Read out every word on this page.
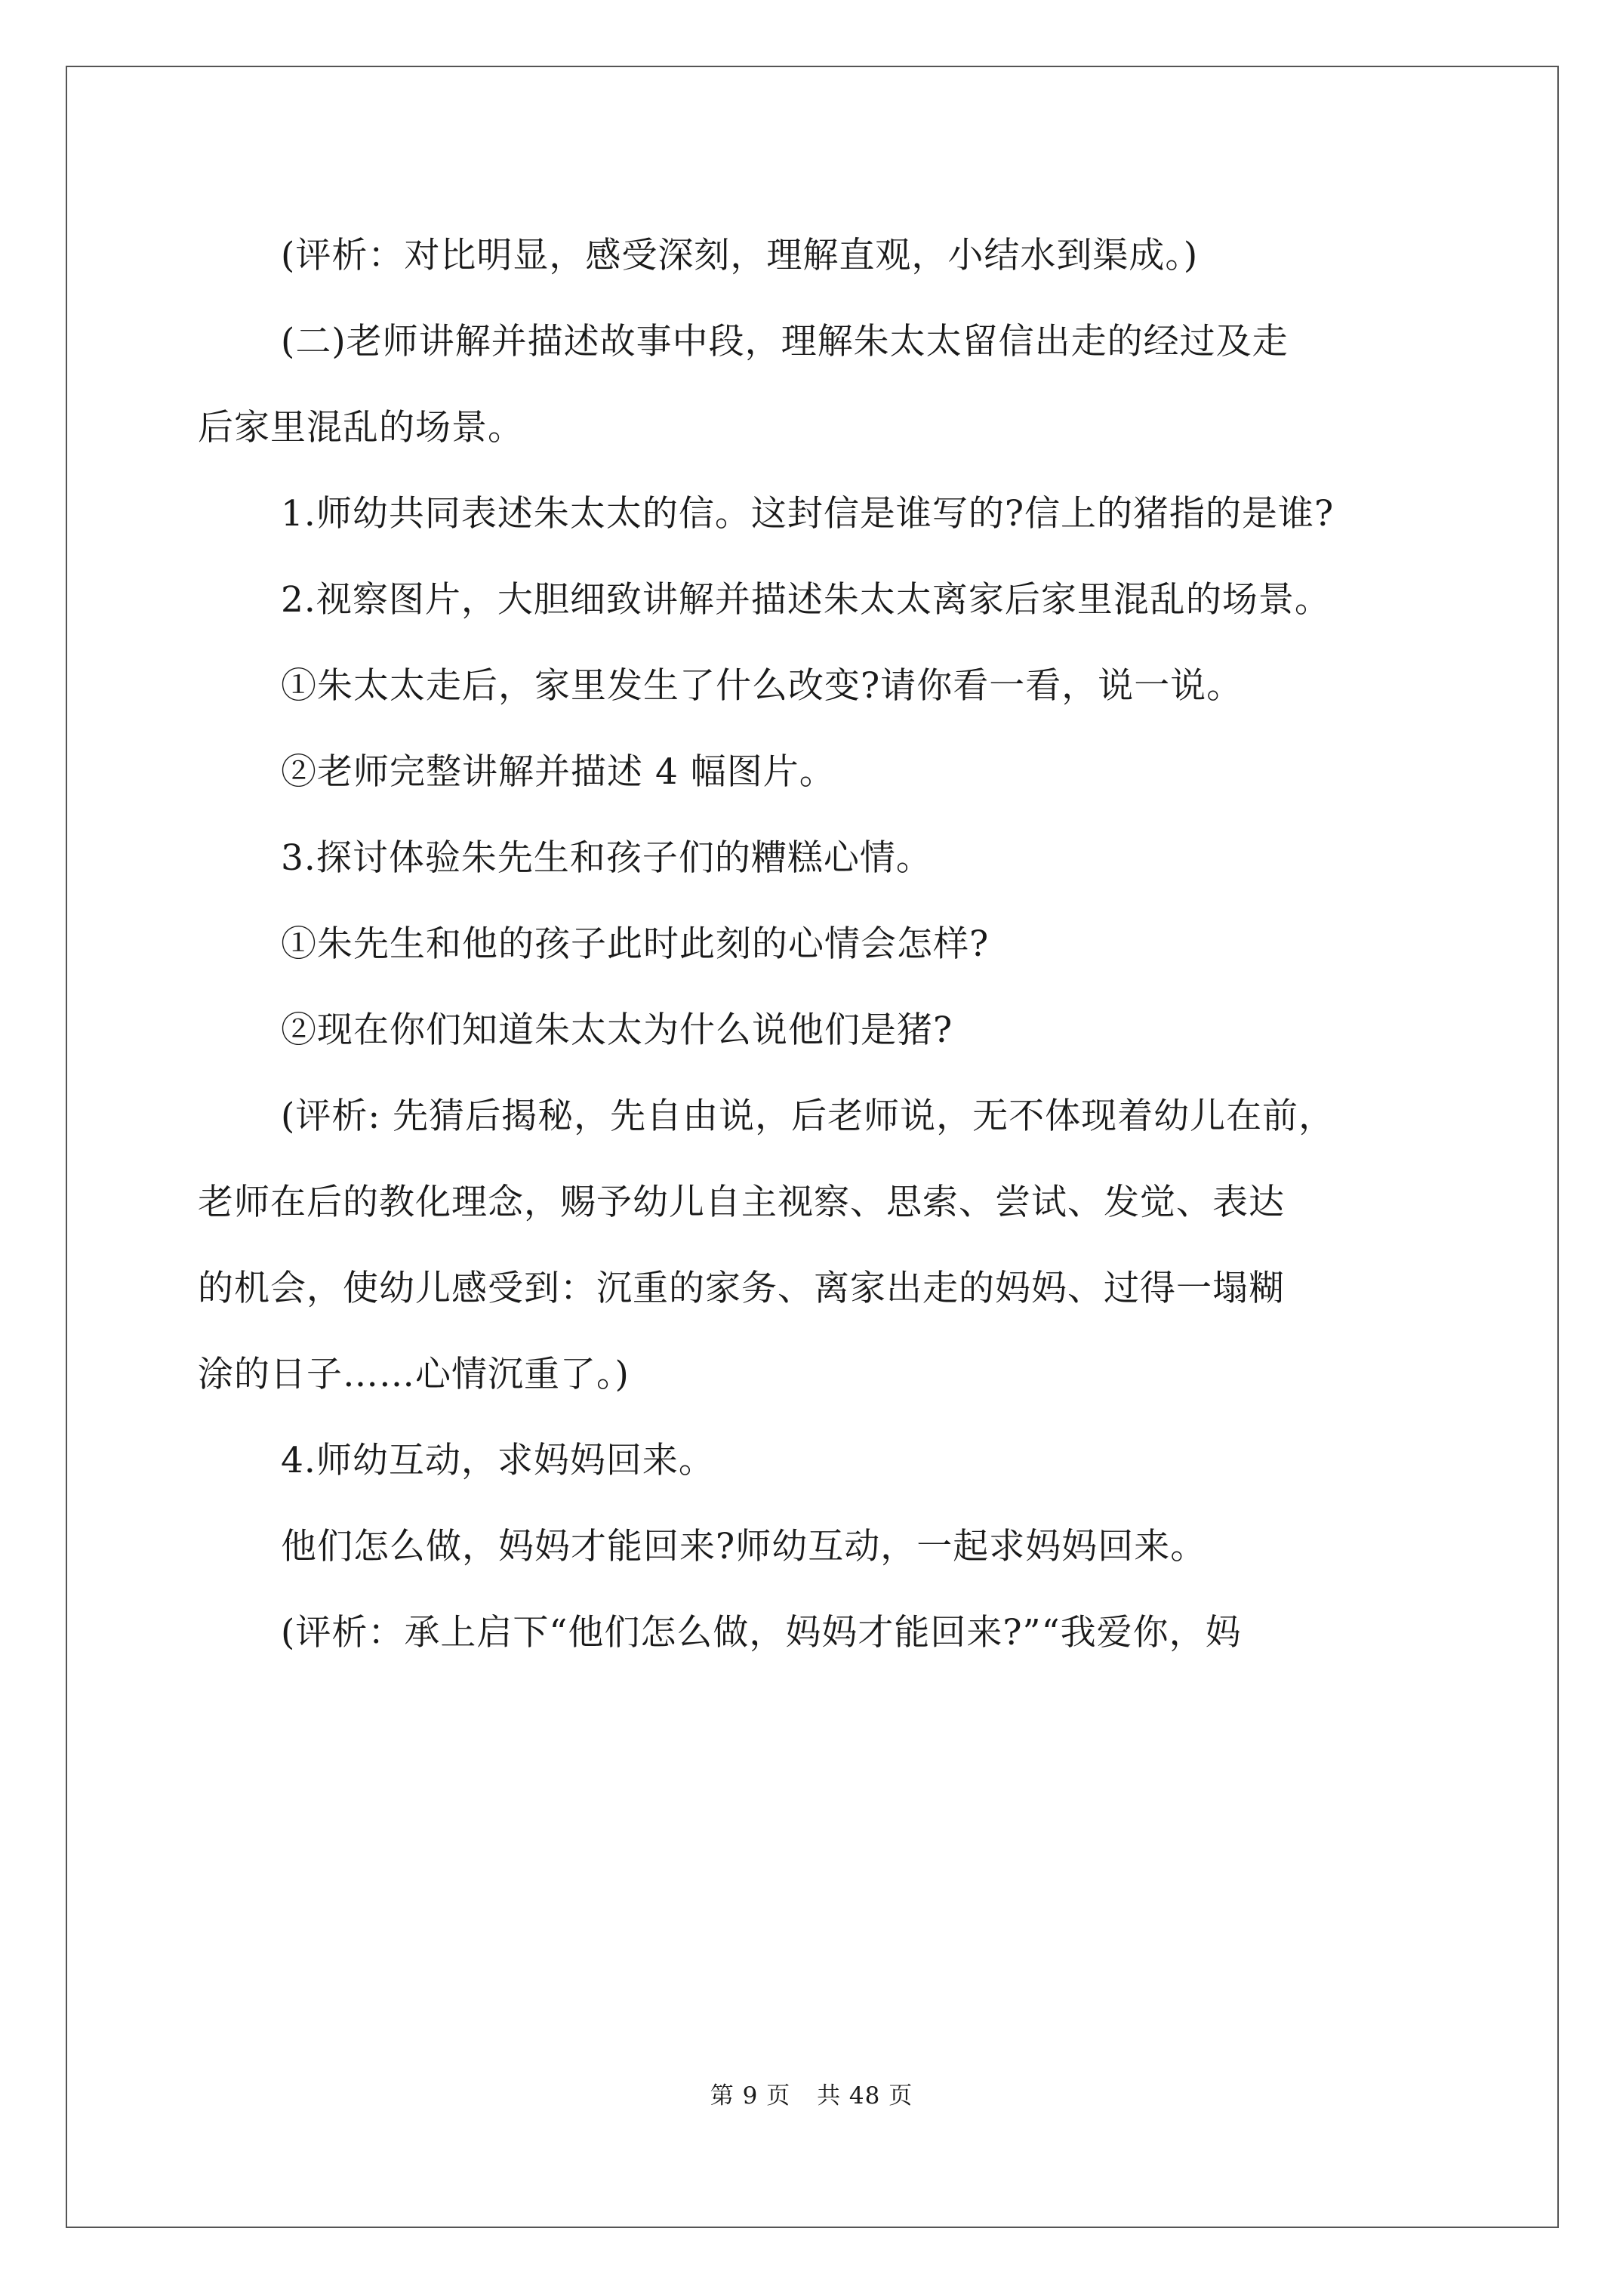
(评析：对比明显，感受深刻，理解直观，小结水到渠成。)

(二)老师讲解并描述故事中段，理解朱太太留信出走的经过及走

后家里混乱的场景。

1.师幼共同表述朱太太的信。这封信是谁写的?信上的猪指的是谁?

2.视察图片，大胆细致讲解并描述朱太太离家后家里混乱的场景。

①朱太太走后，家里发生了什么改变?请你看一看，说一说。

②老师完整讲解并描述 4 幅图片。

3.探讨体验朱先生和孩子们的糟糕心情。

①朱先生和他的孩子此时此刻的心情会怎样?

②现在你们知道朱太太为什么说他们是猪?

(评析: 先猜后揭秘，先自由说，后老师说，无不体现着幼儿在前，

老师在后的教化理念，赐予幼儿自主视察、思索、尝试、发觉、表达

的机会，使幼儿感受到：沉重的家务、离家出走的妈妈、过得一塌糊

涂的日子……心情沉重了。)

4.师幼互动，求妈妈回来。

他们怎么做，妈妈才能回来?师幼互动，一起求妈妈回来。

(评析：承上启下“他们怎么做，妈妈才能回来?”“我爱你，妈

第 9 页 共 48 页
